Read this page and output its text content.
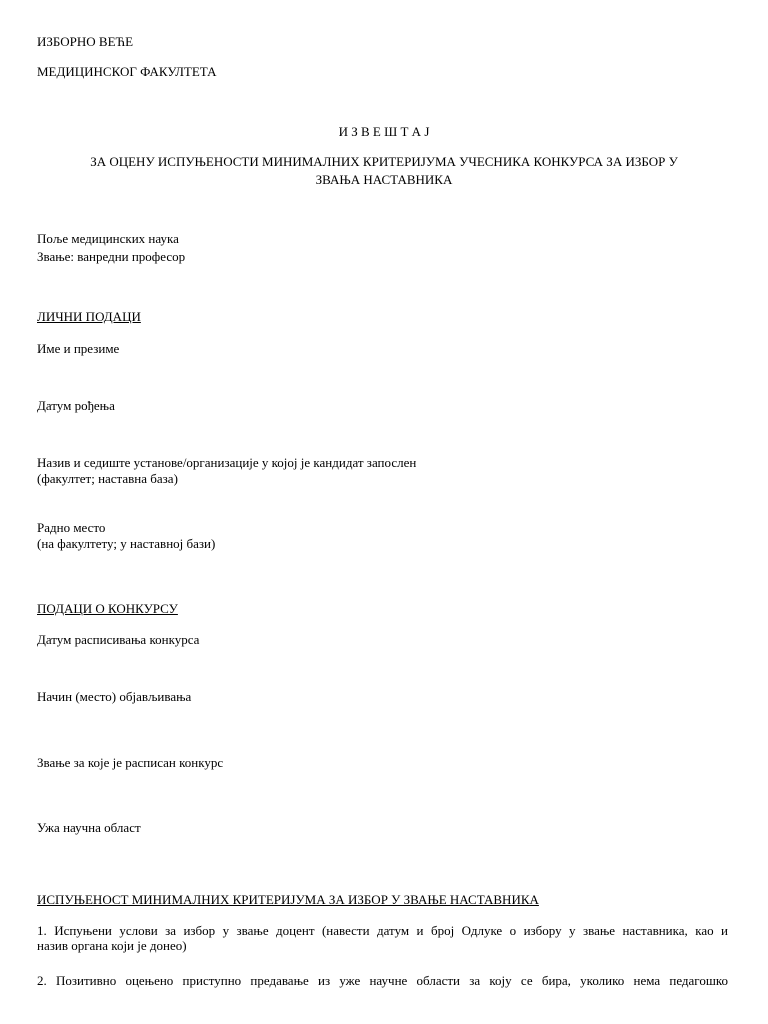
ИЗБОРНО ВЕЋЕ
МЕДИЦИНСКОГ ФАКУЛТЕТА
И З В Е Ш Т А Ј
ЗА ОЦЕНУ ИСПУЊЕНОСТИ МИНИМАЛНИХ КРИТЕРИЈУМА УЧЕСНИКА КОНКУРСА ЗА ИЗБОР У
ЗВАЊА НАСТАВНИКА
Поље медицинских наука
Звање: ванредни професор
ЛИЧНИ ПОДАЦИ
Име и презиме
Датум рођења
Назив и седиште установе/организације у којој је кандидат запослен
(факултет; наставна база)
Радно место
(на факултету; у наставној бази)
ПОДАЦИ О КОНКУРСУ
Датум расписивања конкурса
Начин (место) објављивања
Звање за које је расписан конкурс
Ужа научна област
ИСПУЊЕНОСТ МИНИМАЛНИХ КРИТЕРИЈУМА ЗА ИЗБОР У ЗВАЊЕ НАСТАВНИКА
1. Испуњени услови за избор у звање доцент (навести датум и број Одлуке о избору у звање наставника, као и
назив органа који је донео)
2. Позитивно оцењено приступно предавање из уже научне области за коју се бира, уколико нема педагошко
